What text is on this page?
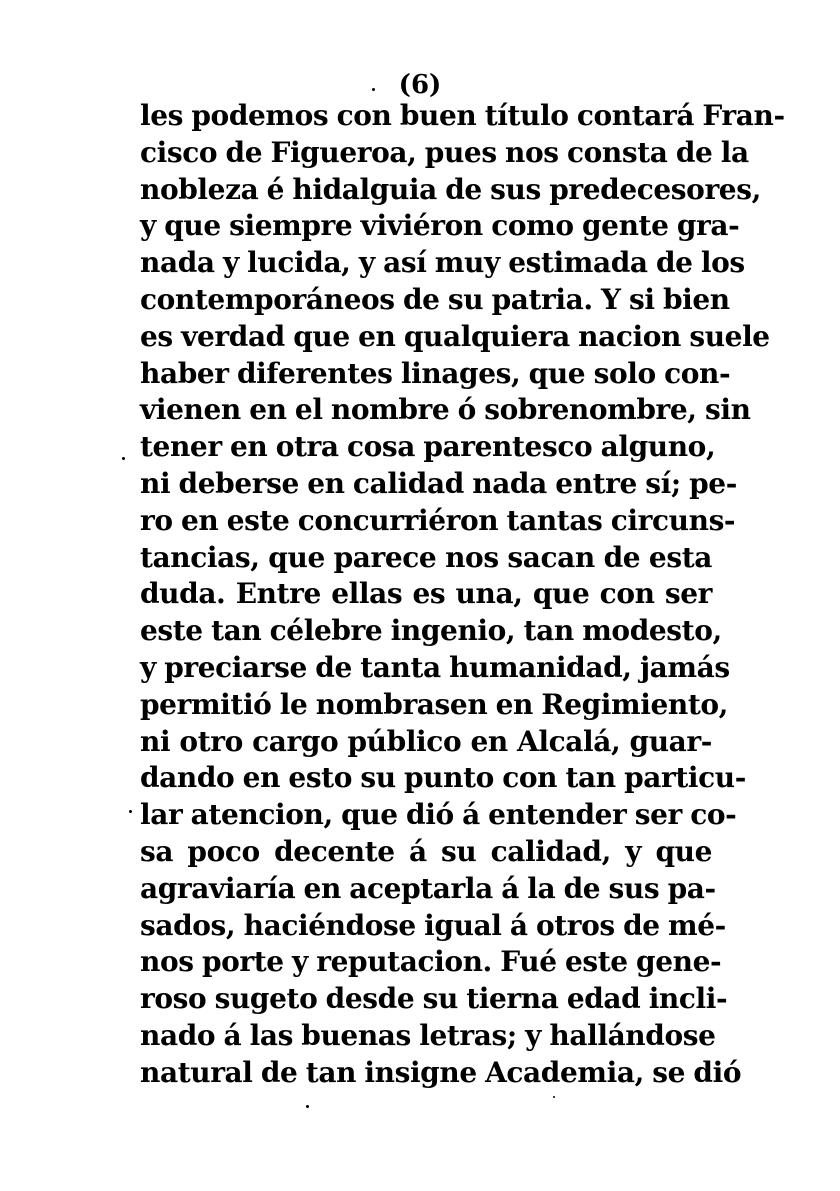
(6)
les podemos con buen título contará Fran-
cisco de Figueroa, pues nos consta de la
nobleza é hidalguia de sus predecesores,
y que siempre viviéron como gente gra-
nada y lucida, y así muy estimada de los
contemporáneos de su patria. Y si bien
es verdad que en qualquiera nacion suele
haber diferentes linages, que solo con-
vienen en el nombre ó sobrenombre, sin
tener en otra cosa parentesco alguno,
ni deberse en calidad nada entre sí; pe-
ro en este concurriéron tantas circuns-
tancias, que parece nos sacan de esta
duda. Entre ellas es una, que con ser
este tan célebre ingenio, tan modesto,
y preciarse de tanta humanidad, jamás
permitió le nombrasen en Regimiento,
ni otro cargo público en Alcalá, guar-
dando en esto su punto con tan particu-
lar atencion, que dió á entender ser co-
sa poco decente á su calidad, y que
agraviaría en aceptarla á la de sus pa-
sados, haciéndose igual á otros de mé-
nos porte y reputacion. Fué este gene-
roso sugeto desde su tierna edad incli-
nado á las buenas letras; y hallándose
natural de tan insigne Academia, se dió
